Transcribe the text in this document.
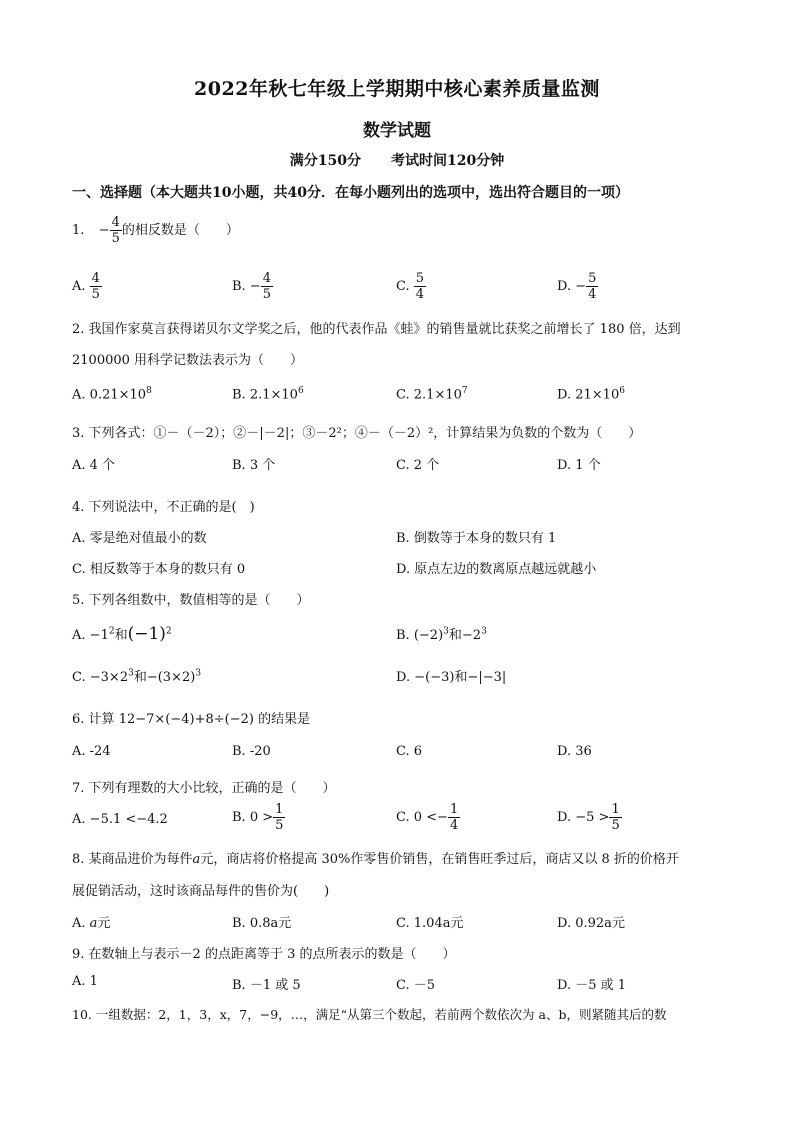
2022年秋七年级上学期期中核心素养质量监测
数学试题
满分150分 考试时间120分钟
一、选择题（本大题共10小题，共40分．在每小题列出的选项中，选出符合题目的一项）
1. − $\frac{4}{5}$ 的相反数是（　　）
A. $\frac{4}{5}$	B. − $\frac{4}{5}$	C. $\frac{5}{4}$	D. − $\frac{5}{4}$
2. 我国作家莫言获得诺贝尔文学奖之后，他的代表作品《蛙》的销售量就比获奖之前增长了 180 倍，达到
2100000 用科学记数法表示为（　　）
A. $0.21\times 10^8$	B. $2.1\times 10^6$	C. $2.1\times 10^7$	D. $21\times 10^6$
3. 下列各式：①－（－2）；②－|－2|；③－2²；④－（－2）²，计算结果为负数的个数为（　　）
A. 4 个	B. 3 个	C. 2 个	D. 1 个
4. 下列说法中，不正确的是(　)
A. 零是绝对值最小的数	B. 倒数等于本身的数只有 1
C. 相反数等于本身的数只有 0	D. 原点左边的数离原点越远就越小
5. 下列各组数中，数值相等的是（　　）
A. $-1^2$和$(-1)^2$	B. $(-2)^3$和$-2^3$
C. $-3\times 2^3$和$-(3\times 2)^3$	D. −(−3)和−|−3|
6. 计算 12−7×(−4)+8÷(−2) 的结果是
A. -24	B. -20	C. 6	D. 36
7. 下列有理数的大小比较，正确的是（　　）
A. −5.1 <−4.2	B. $0 > \frac{1}{5}$	C. $0 <- \frac{1}{4}$	D. $-5 > \frac{1}{5}$
8. 某商品进价为每件a元，商店将价格提高 30%作零售价销售，在销售旺季过后，商店又以 8 折的价格开
展促销活动，这时该商品每件的售价为(　　)
A. a元	B. 0.8a元	C. 1.04a元	D. 0.92a元
9. 在数轴上与表示－2 的点距离等于 3 的点所表示的数是（　　）
A. 1	B. －1 或 5	C. －5	D. －5 或 1
10. 一组数据：2，1，3，x，7，−9，…，满足“从第三个数起，若前两个数依次为 a、b，则紧随其后的数
